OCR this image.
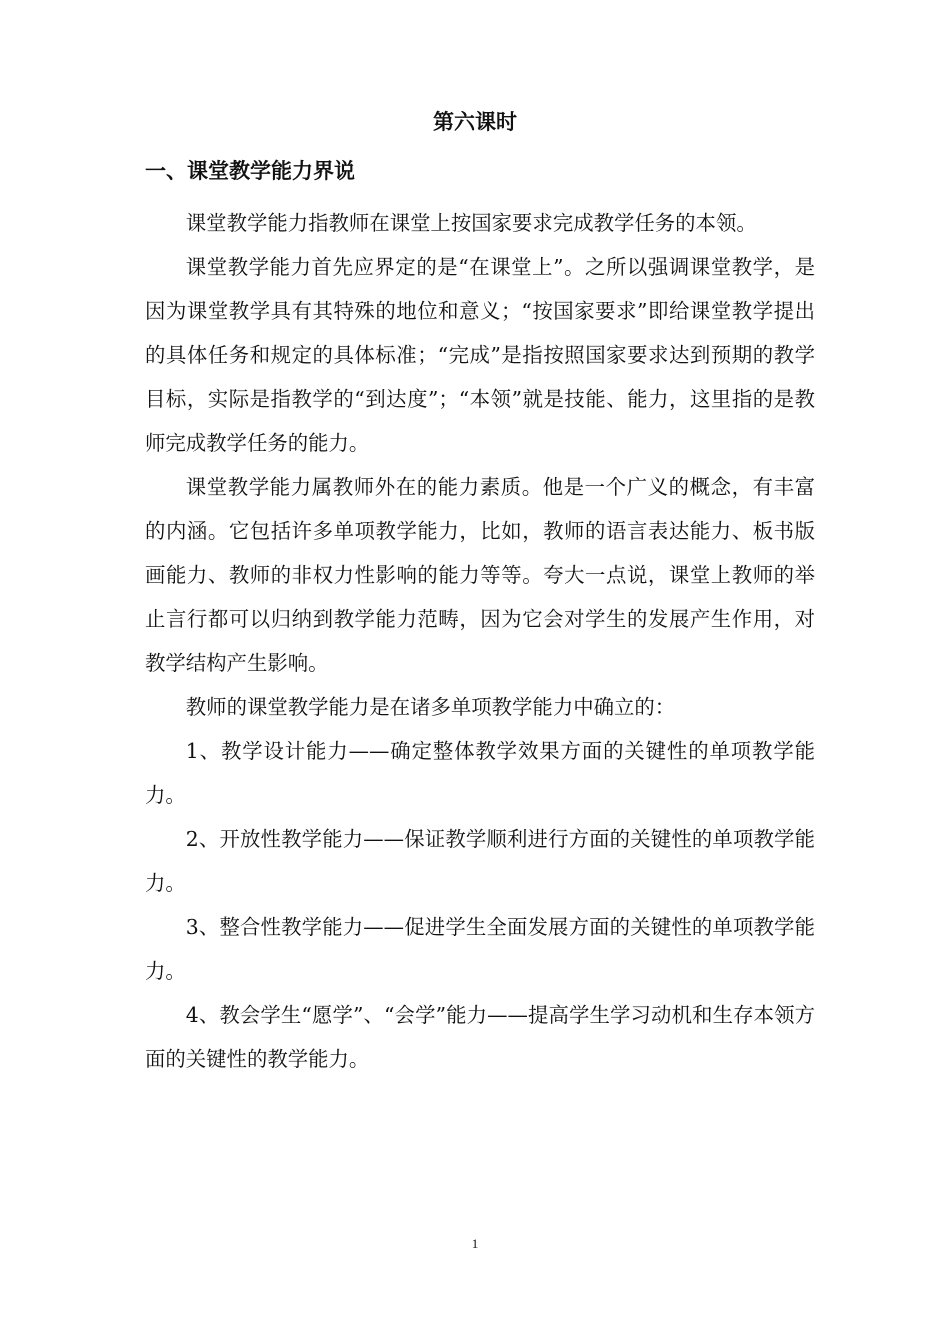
第六课时
一、课堂教学能力界说

课堂教学能力指教师在课堂上按国家要求完成教学任务的本领。

课堂教学能力首先应界定的是“在课堂上”。之所以强调课堂教学，是因为课堂教学具有其特殊的地位和意义；“按国家要求”即给课堂教学提出的具体任务和规定的具体标准；“完成”是指按照国家要求达到预期的教学目标，实际是指教学的“到达度”；“本领”就是技能、能力，这里指的是教师完成教学任务的能力。

课堂教学能力属教师外在的能力素质。他是一个广义的概念，有丰富的内涵。它包括许多单项教学能力，比如，教师的语言表达能力、板书版画能力、教师的非权力性影响的能力等等。夸大一点说，课堂上教师的举止言行都可以归纳到教学能力范畴，因为它会对学生的发展产生作用，对教学结构产生影响。

教师的课堂教学能力是在诸多单项教学能力中确立的：

1、教学设计能力——确定整体教学效果方面的关键性的单项教学能力。

2、开放性教学能力——保证教学顺利进行方面的关键性的单项教学能力。

3、整合性教学能力——促进学生全面发展方面的关键性的单项教学能力。

4、教会学生“愿学”、“会学”能力——提高学生学习动机和生存本领方面的关键性的教学能力。

1
